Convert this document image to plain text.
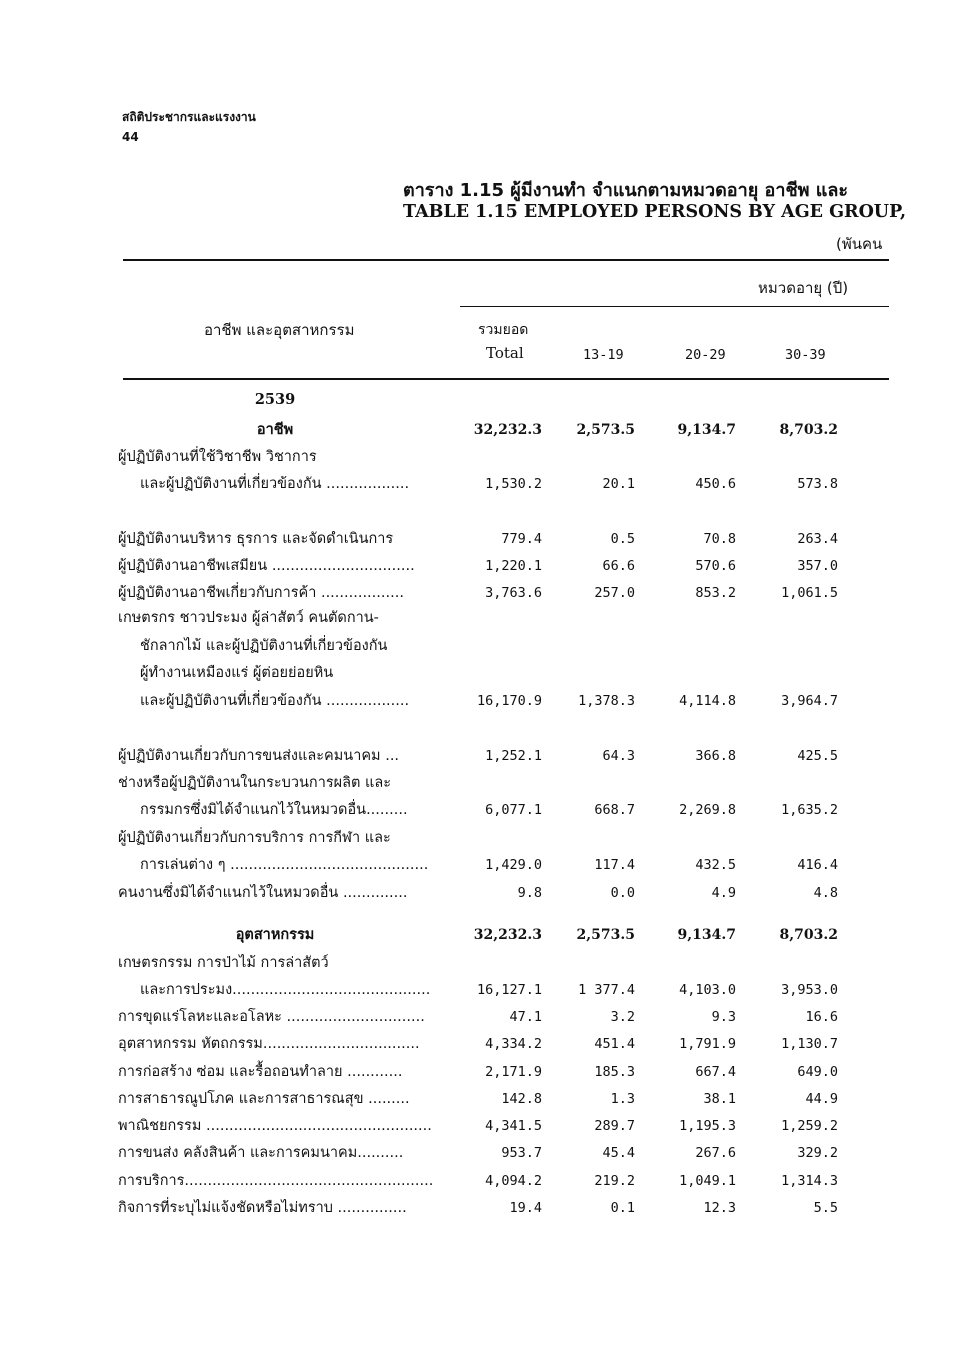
สถิติประชากรและแรงงาน
44
ตาราง 1.15 ผู้มีงานทำ จำแนกตามหมวดอายุ อาชีพ และ
TABLE 1.15 EMPLOYED PERSONS BY AGE GROUP,
(พันคน
หมวดอายุ (ปี)
อาชีพ และอุตสาหกรรม	รวมยอด
Total	13-19	20-29	30-39
2539
อาชีพ	32,232.3	2,573.5	9,134.7	8,703.2
ผู้ปฏิบัติงานที่ใช้วิชาชีพ วิชาการ
และผู้ปฏิบัติงานที่เกี่ยวข้องกัน ..................	1,530.2	20.1	450.6	573.8
ผู้ปฏิบัติงานบริหาร ธุรการ และจัดดำเนินการ	779.4	0.5	70.8	263.4
ผู้ปฏิบัติงานอาชีพเสมียน ...............................	1,220.1	66.6	570.6	357.0
ผู้ปฏิบัติงานอาชีพเกี่ยวกับการค้า ..................	3,763.6	257.0	853.2	1,061.5
เกษตรกร ชาวประมง ผู้ล่าสัตว์ คนตัดกาน-
ชักลากไม้ และผู้ปฏิบัติงานที่เกี่ยวข้องกัน
ผู้ทำงานเหมืองแร่ ผู้ต่อยย่อยหิน
และผู้ปฏิบัติงานที่เกี่ยวข้องกัน ..................	16,170.9	1,378.3	4,114.8	3,964.7
ผู้ปฏิบัติงานเกี่ยวกับการขนส่งและคมนาคม ...	1,252.1	64.3	366.8	425.5
ช่างหรือผู้ปฏิบัติงานในกระบวนการผลิต และ
กรรมกรซึ่งมิได้จำแนกไว้ในหมวดอื่น.........	6,077.1	668.7	2,269.8	1,635.2
ผู้ปฏิบัติงานเกี่ยวกับการบริการ การกีฬา และ
การเล่นต่าง ๆ ...........................................	1,429.0	117.4	432.5	416.4
คนงานซึ่งมิได้จำแนกไว้ในหมวดอื่น ..............	9.8	0.0	4.9	4.8
อุตสาหกรรม	32,232.3	2,573.5	9,134.7	8,703.2
เกษตรกรรม การป่าไม้ การล่าสัตว์
และการประมง...........................................	16,127.1	1 377.4	4,103.0	3,953.0
การขุดแร่โลหะและอโลหะ ..............................	47.1	3.2	9.3	16.6
อุตสาหกรรม หัตถกรรม..................................	4,334.2	451.4	1,791.9	1,130.7
การก่อสร้าง ซ่อม และรื้อถอนทำลาย ............	2,171.9	185.3	667.4	649.0
การสาธารณูปโภค และการสาธารณสุข .........	142.8	1.3	38.1	44.9
พาณิชยกรรม .................................................	4,341.5	289.7	1,195.3	1,259.2
การขนส่ง คลังสินค้า และการคมนาคม..........	953.7	45.4	267.6	329.2
การบริการ......................................................	4,094.2	219.2	1,049.1	1,314.3
กิจการที่ระบุไม่แจ้งชัดหรือไม่ทราบ ...............	19.4	0.1	12.3	5.5
